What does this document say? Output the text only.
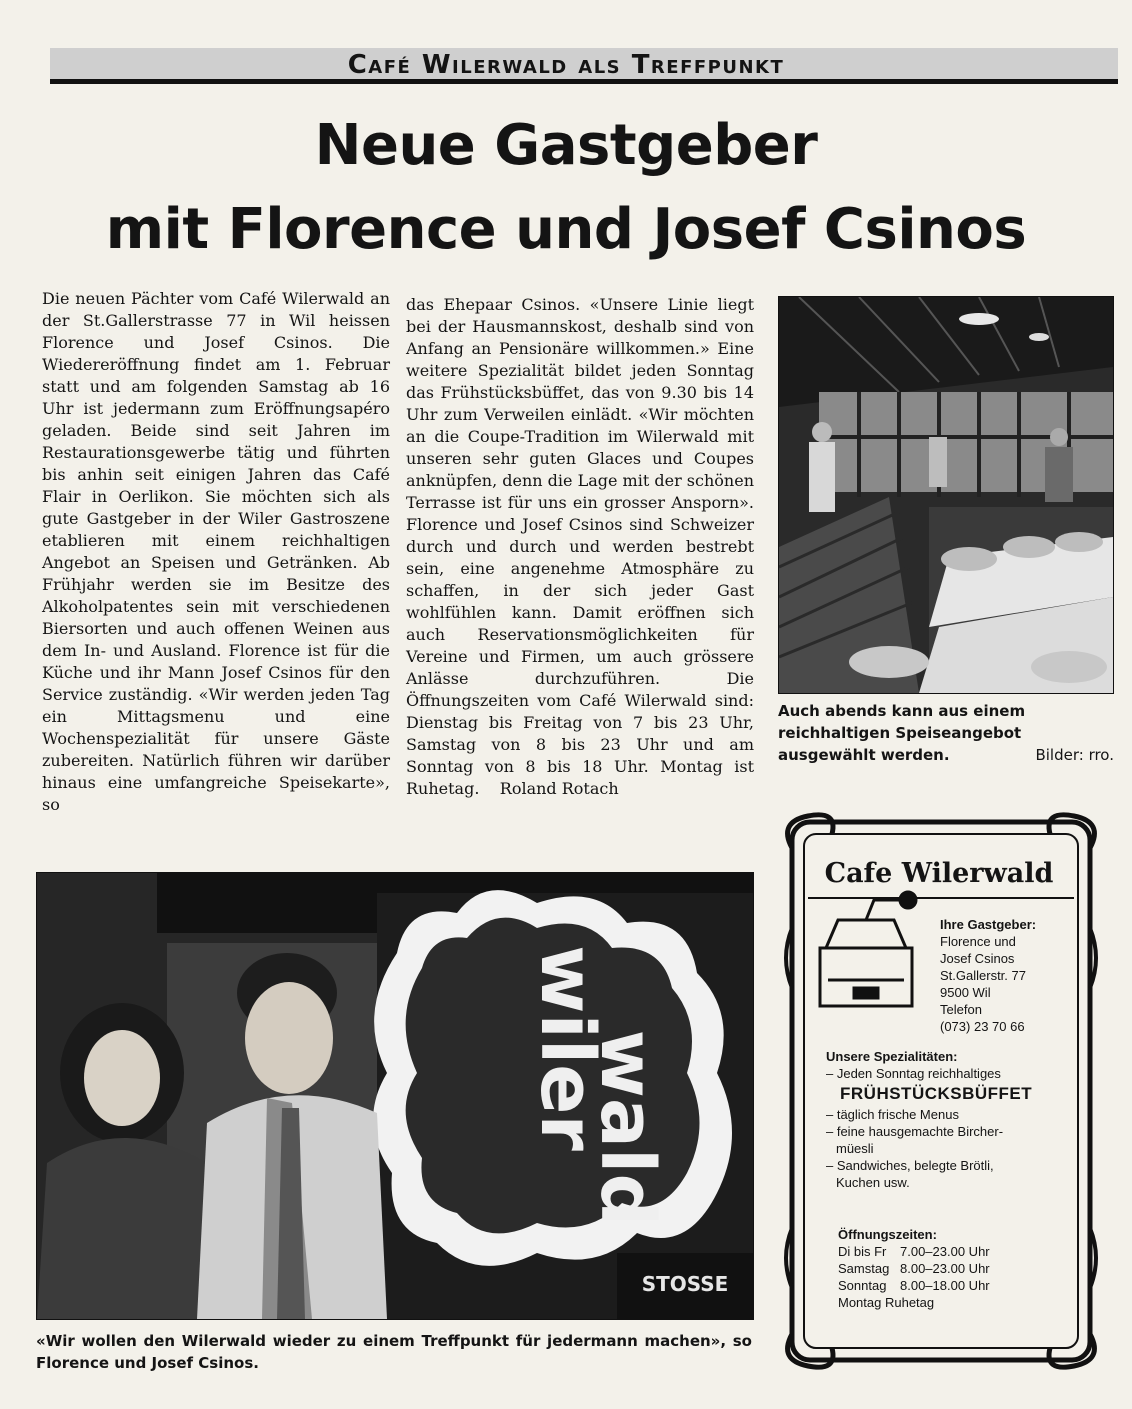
Café Wilerwald als Treffpunkt
Neue Gastgeber
mit Florence und Josef Csinos

Die neuen Pächter vom Café Wilerwald an der St.Gallerstrasse 77 in Wil heissen Florence und Josef Csinos. Die Wiedereröffnung findet am 1. Februar statt und am folgenden Samstag ab 16 Uhr ist jedermann zum Eröffnungsapéro geladen. Beide sind seit Jahren im Restaurationsgewerbe tätig und führten bis anhin seit einigen Jahren das Café Flair in Oerlikon. Sie möchten sich als gute Gastgeber in der Wiler Gastroszene etablieren mit einem reichhaltigen Angebot an Speisen und Getränken. Ab Frühjahr werden sie im Besitze des Alkoholpatentes sein mit verschiedenen Biersorten und auch offenen Weinen aus dem In- und Ausland. Florence ist für die Küche und ihr Mann Josef Csinos für den Service zuständig. «Wir werden jeden Tag ein Mittagsmenu und eine Wochenspezialität für unsere Gäste zubereiten. Natürlich führen wir darüber hinaus eine umfangreiche Speisekarte», so

das Ehepaar Csinos. «Unsere Linie liegt bei der Hausmannskost, deshalb sind von Anfang an Pensionäre willkommen.» Eine weitere Spezialität bildet jeden Sonntag das Frühstücksbüffet, das von 9.30 bis 14 Uhr zum Verweilen einlädt. «Wir möchten an die Coupe-Tradition im Wilerwald mit unseren sehr guten Glaces und Coupes anknüpfen, denn die Lage mit der schönen Terrasse ist für uns ein grosser Ansporn». Florence und Josef Csinos sind Schweizer durch und durch und werden bestrebt sein, eine angenehme Atmosphäre zu schaffen, in der sich jeder Gast wohlfühlen kann. Damit eröffnen sich auch Reservationsmöglichkeiten für Vereine und Firmen, um auch grössere Anlässe durchzuführen. Die Öffnungszeiten vom Café Wilerwald sind: Dienstag bis Freitag von 7 bis 23 Uhr, Samstag von 8 bis 23 Uhr und am Sonntag von 8 bis 18 Uhr. Montag ist Ruhetag. Roland Rotach

Auch abends kann aus einem reichhaltigen Speiseangebot ausgewählt werden.	Bilder: rro.
wiler
wald
STOSSE
«Wir wollen den Wilerwald wieder zu einem Treffpunkt für jedermann machen», so Florence und Josef Csinos.
Cafe Wilerwald
Ihre Gastgeber:
Florence und
Josef Csinos
St.Gallerstr. 77
9500 Wil
Telefon
(073) 23 70 66
Unsere Spezialitäten:
– Jeden Sonntag reichhaltiges
FRÜHSTÜCKSBÜFFET
– täglich frische Menus
– feine hausgemachte Bircher-
müesli
– Sandwiches, belegte Brötli,
Kuchen usw.
Öffnungszeiten:
Di bis Fr	7.00–23.00 Uhr
Samstag 8.00–23.00 Uhr
Sonntag	8.00–18.00 Uhr
Montag Ruhetag
